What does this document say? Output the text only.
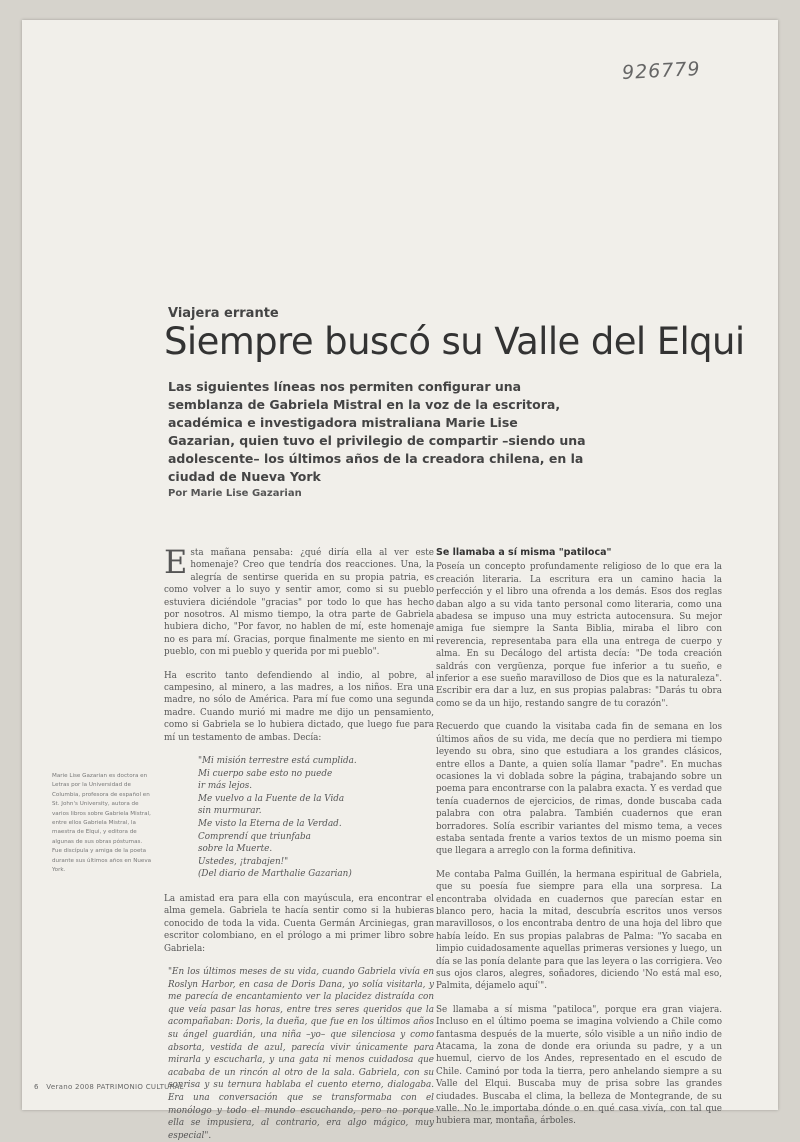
926779
Viajera errante
Siempre buscó su Valle del Elqui
Las siguientes líneas nos permiten configurar una semblanza de Gabriela Mistral en la voz de la escritora, académica e investigadora mistraliana Marie Lise Gazarian, quien tuvo el privilegio de compartir –siendo una adolescente– los últimos años de la creadora chilena, en la ciudad de Nueva York
Por Marie Lise Gazarian

Esta mañana pensaba: ¿qué diría ella al ver este homenaje? Creo que tendría dos reacciones. Una, la alegría de sentirse querida en su propia patria, es como volver a lo suyo y sentir amor, como si su pueblo estuviera diciéndole "gracias" por todo lo que has hecho por nosotros. Al mismo tiempo, la otra parte de Gabriela hubiera dicho, "Por favor, no hablen de mí, este homenaje no es para mí. Gracias, porque finalmente me siento en mi pueblo, con mi pueblo y querida por mi pueblo".

Ha escrito tanto defendiendo al indio, al pobre, al campesino, al minero, a las madres, a los niños. Era una madre, no sólo de América. Para mí fue como una segunda madre. Cuando murió mi madre me dijo un pensamiento, como si Gabriela se lo hubiera dictado, que luego fue para mí un testamento de ambas. Decía:

"Mi misión terrestre está cumplida.
Mi cuerpo sabe esto no puede
ir más lejos.
Me vuelvo a la Fuente de la Vida
sin murmurar.
Me visto la Eterna de la Verdad.
Comprendí que triunfaba
sobre la Muerte.
Ustedes, ¡trabajen!"
(Del diario de Marthalie Gazarian)

La amistad era para ella con mayúscula, era encontrar el alma gemela. Gabriela te hacía sentir como si la hubieras conocido de toda la vida. Cuenta Germán Arciniegas, gran escritor colombiano, en el prólogo a mi primer libro sobre Gabriela:

"En los últimos meses de su vida, cuando Gabriela vivía en Roslyn Harbor, en casa de Doris Dana, yo solía visitarla, y me parecía de encantamiento ver la placidez distraída con que veía pasar las horas, entre tres seres queridos que la acompañaban: Doris, la dueña, que fue en los últimos años su ángel guardián, una niña –yo– que silenciosa y como absorta, vestida de azul, parecía vivir únicamente para mirarla y escucharla, y una gata ni menos cuidadosa que acababa de un rincón al otro de la sala. Gabriela, con su sonrisa y su ternura hablaba el cuento eterno, dialogaba. Era una conversación que se transformaba con el monólogo y todo el mundo escuchando, pero no porque ella se impusiera, al contrario, era algo mágico, muy especial".
Marie Lise Gazarian es doctora en Letras por la Universidad de Columbia, profesora de español en St. John's University, autora de varios libros sobre Gabriela Mistral, entre ellos Gabriela Mistral, la maestra de Elqui, y editora de algunas de sus obras póstumas. Fue discípula y amiga de la poeta durante sus últimos años en Nueva York.
Se llamaba a sí misma "patiloca"

Poseía un concepto profundamente religioso de lo que era la creación literaria. La escritura era un camino hacia la perfección y el libro una ofrenda a los demás. Esos dos reglas daban algo a su vida tanto personal como literaria, como una abadesa se impuso una muy estricta autocensura. Su mejor amiga fue siempre la Santa Biblia, miraba el libro con reverencia, representaba para ella una entrega de cuerpo y alma. En su Decálogo del artista decía: "De toda creación saldrás con vergüenza, porque fue inferior a tu sueño, e inferior a ese sueño maravilloso de Dios que es la naturaleza". Escribir era dar a luz, en sus propias palabras: "Darás tu obra como se da un hijo, restando sangre de tu corazón".

Recuerdo que cuando la visitaba cada fin de semana en los últimos años de su vida, me decía que no perdiera mi tiempo leyendo su obra, sino que estudiara a los grandes clásicos, entre ellos a Dante, a quien solía llamar "padre". En muchas ocasiones la vi doblada sobre la página, trabajando sobre un poema para encontrarse con la palabra exacta. Y es verdad que tenía cuadernos de ejercicios, de rimas, donde buscaba cada palabra con otra palabra. También cuadernos que eran borradores. Solía escribir variantes del mismo tema, a veces estaba sentada frente a varios textos de un mismo poema sin que llegara a arreglo con la forma definitiva.

Me contaba Palma Guillén, la hermana espiritual de Gabriela, que su poesía fue siempre para ella una sorpresa. La encontraba olvidada en cuadernos que parecían estar en blanco pero, hacia la mitad, descubría escritos unos versos maravillosos, o los encontraba dentro de una hoja del libro que había leído. En sus propias palabras de Palma: "Yo sacaba en limpio cuidadosamente aquellas primeras versiones y luego, un día se las ponía delante para que las leyera o las corrigiera. Veo sus ojos claros, alegres, soñadores, diciendo 'No está mal eso, Palmita, déjamelo aquí'".

Se llamaba a sí misma "patiloca", porque era gran viajera. Incluso en el último poema se imagina volviendo a Chile como fantasma después de la muerte, sólo visible a un niño indio de Atacama, la zona de donde era oriunda su padre, y a un huemul, ciervo de los Andes, representado en el escudo de Chile. Caminó por toda la tierra, pero anhelando siempre a su Valle del Elqui. Buscaba muy de prisa sobre las grandes ciudades. Buscaba el clima, la belleza de Montegrande, de su valle. No le importaba dónde o en qué casa vivía, con tal que hubiera mar, montaña, árboles.

6 Verano 2008 PATRIMONIO CULTURAL
